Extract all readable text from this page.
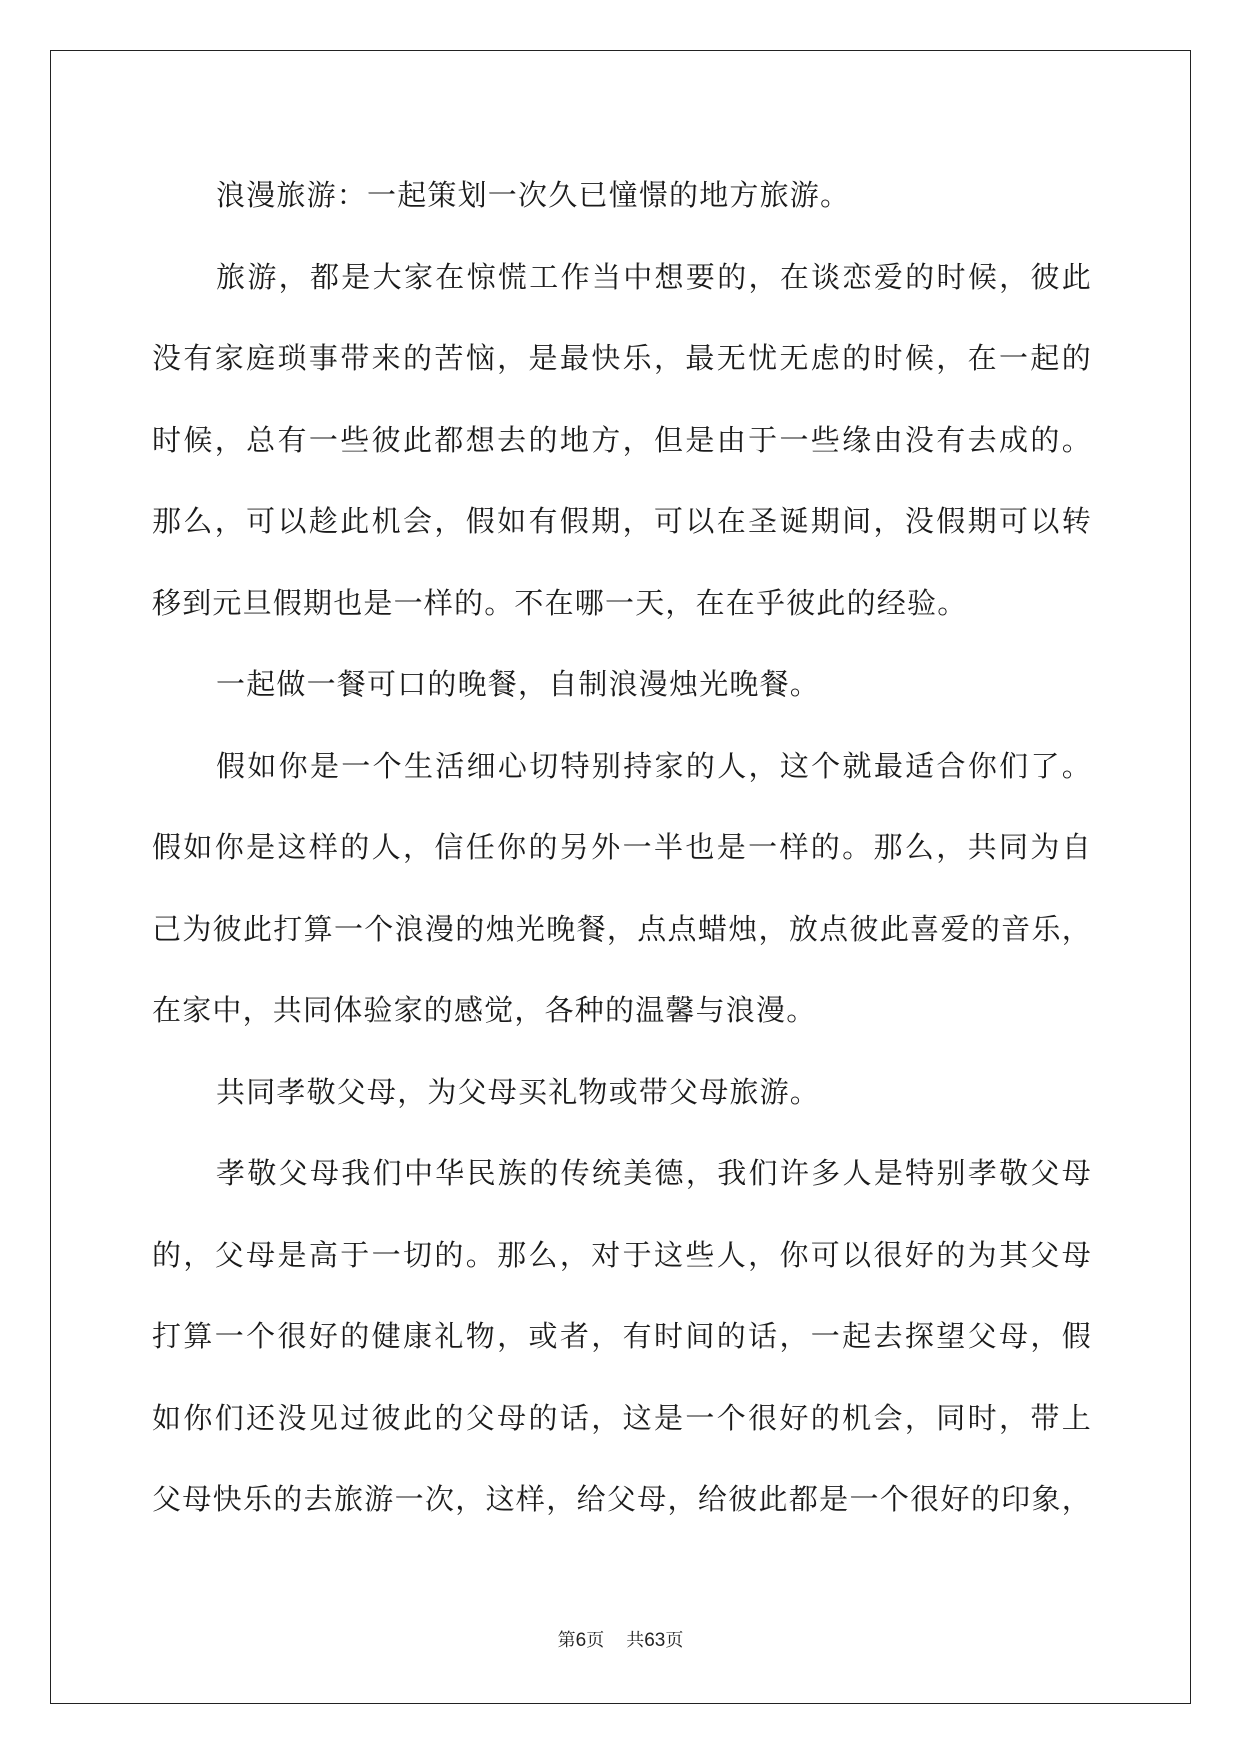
浪漫旅游：一起策划一次久已憧憬的地方旅游。
旅游，都是大家在惊慌工作当中想要的，在谈恋爱的时候，彼此
没有家庭琐事带来的苦恼，是最快乐，最无忧无虑的时候，在一起的
时候，总有一些彼此都想去的地方，但是由于一些缘由没有去成的。
那么，可以趁此机会，假如有假期，可以在圣诞期间，没假期可以转
移到元旦假期也是一样的。不在哪一天，在在乎彼此的经验。
一起做一餐可口的晚餐，自制浪漫烛光晚餐。
假如你是一个生活细心切特别持家的人，这个就最适合你们了。
假如你是这样的人，信任你的另外一半也是一样的。那么，共同为自
己为彼此打算一个浪漫的烛光晚餐，点点蜡烛，放点彼此喜爱的音乐，
在家中，共同体验家的感觉，各种的温馨与浪漫。
共同孝敬父母，为父母买礼物或带父母旅游。
孝敬父母我们中华民族的传统美德，我们许多人是特别孝敬父母
的，父母是高于一切的。那么，对于这些人，你可以很好的为其父母
打算一个很好的健康礼物，或者，有时间的话，一起去探望父母，假
如你们还没见过彼此的父母的话，这是一个很好的机会，同时，带上
父母快乐的去旅游一次，这样，给父母，给彼此都是一个很好的印象，
第6页 共63页
